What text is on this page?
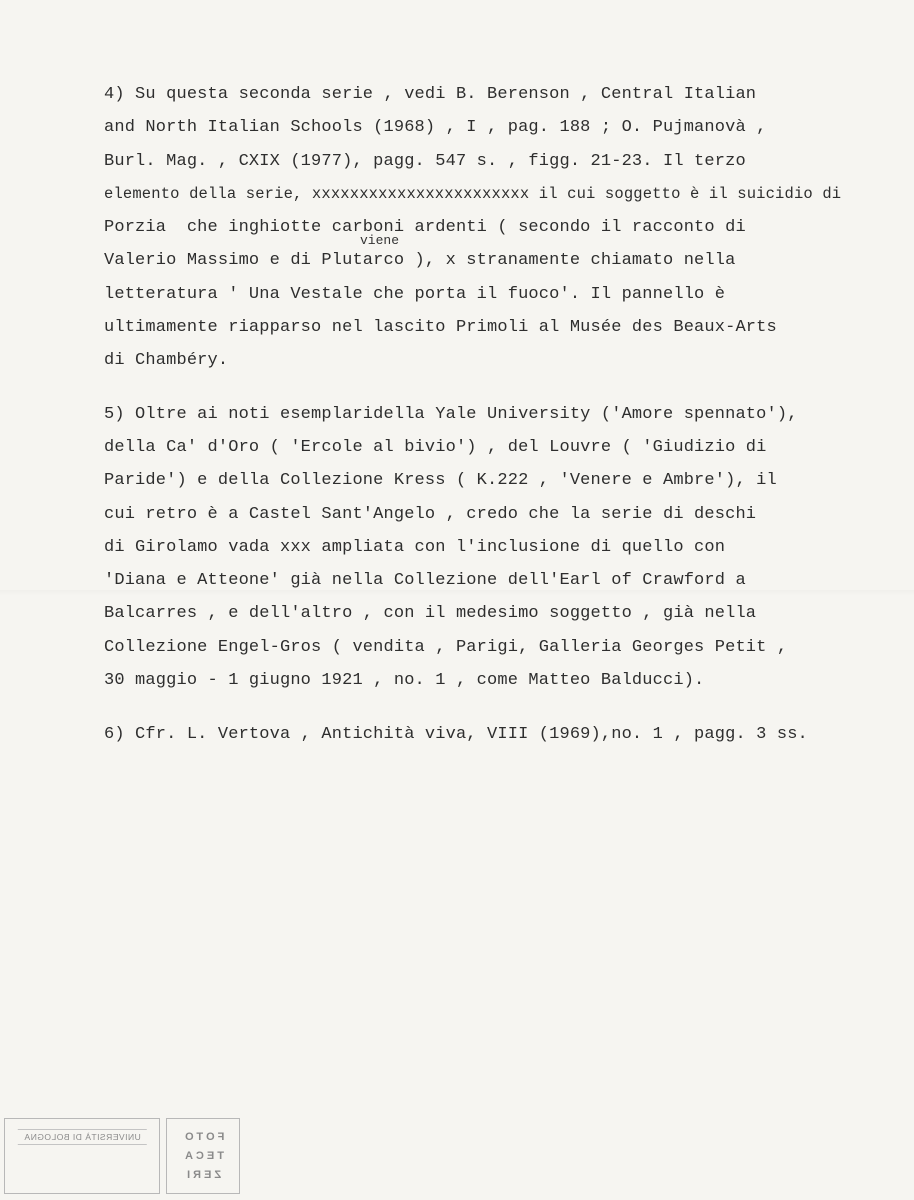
4) Su questa seconda serie , vedi B. Berenson , Central Italian
and North Italian Schools (1968) , I , pag. 188 ; O. Pujmanovà ,
Burl. Mag. , CXIX (1977), pagg. 547 s. , figg. 21-23. Il terzo
elemento della serie, xxxxxxxxxxxxxxxxxxxxxxx il cui soggetto è il suicidio di
Porzia  che inghiotte carboni ardenti ( secondo il racconto di
Valerio Massimo e di Plutarco ), x stranamente chiamato nella
letteratura ' Una Vestale che porta il fuoco'. Il pannello è
ultimamente riapparso nel lascito Primoli al Musée des Beaux-Arts
di Chambéry.
5) Oltre ai noti esemplaridella Yale University ('Amore spennato'),
della Ca' d'Oro ( 'Ercole al bivio') , del Louvre ( 'Giudizio di
Paride') e della Collezione Kress ( K.222 , 'Venere e Ambre'), il
cui retro è a Castel Sant'Angelo , credo che la serie di deschi
di Girolamo vada xxx ampliata con l'inclusione di quello con
'Diana e Atteone' già nella Collezione dell'Earl of Crawford a
Balcarres , e dell'altro , con il medesimo soggetto , già nella
Collezione Engel-Gros ( vendita , Parigi, Galleria Georges Petit ,
30 maggio - 1 giugno 1921 , no. 1 , come Matteo Balducci).
6) Cfr. L. Vertova , Antichità viva, VIII (1969),no. 1 , pagg. 3 ss.
viene
UNIVERSITÀ DI BOLOGNA	FOTO
TECA
ZERI
